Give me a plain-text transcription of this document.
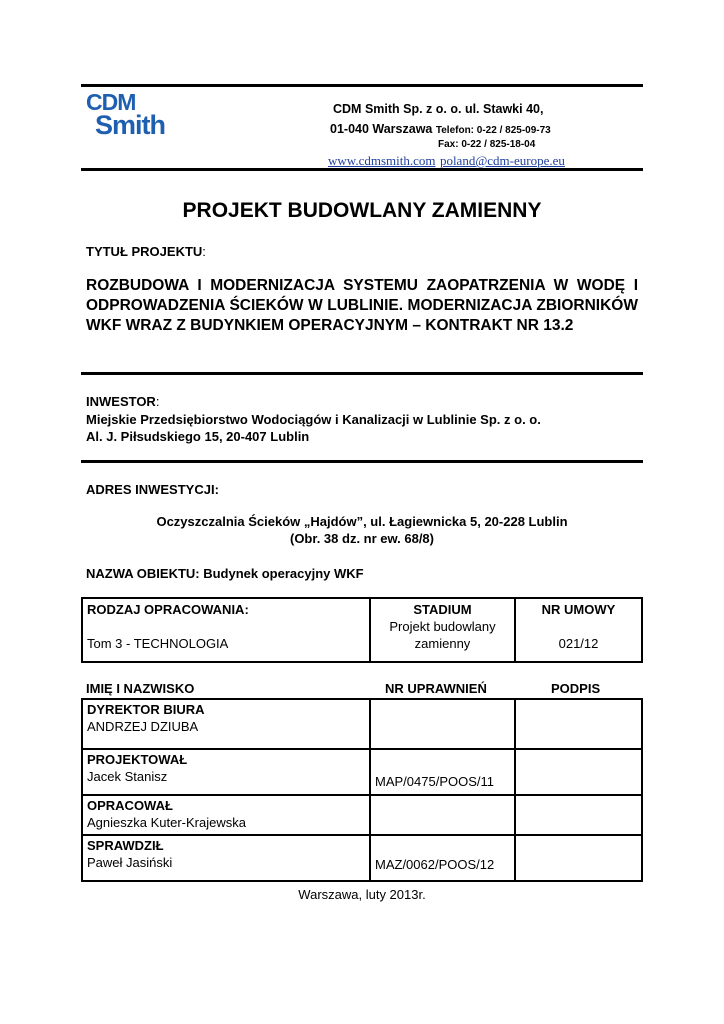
CDM
Smith
CDM Smith Sp. z o. o. ul. Stawki 40,
01-040 Warszawa Telefon: 0-22 / 825-09-73
Fax: 0-22 / 825-18-04
www.cdmsmith.com poland@cdm-europe.eu
PROJEKT BUDOWLANY ZAMIENNY
TYTUŁ PROJEKTU:
ROZBUDOWA I MODERNIZACJA SYSTEMU ZAOPATRZENIA W WODĘ I ODPROWADZENIA ŚCIEKÓW W LUBLINIE. MODERNIZACJA ZBIORNIKÓW WKF WRAZ Z BUDYNKIEM OPERACYJNYM – KONTRAKT NR 13.2
INWESTOR:
Miejskie Przedsiębiorstwo Wodociągów i Kanalizacji w Lublinie Sp. z o. o.
Al. J. Piłsudskiego 15, 20-407 Lublin
ADRES INWESTYCJI:
Oczyszczalnia Ścieków „Hajdów”, ul. Łagiewnicka 5, 20-228 Lublin
(Obr. 38 dz. nr ew. 68/8)
NAZWA OBIEKTU: Budynek operacyjny WKF
RODZAJ OPRACOWANIA:
Tom 3 - TECHNOLOGIA

STADIUM
Projekt budowlany
zamienny

NR UMOWY
021/12
IMIĘ I NAZWISKO	NR UPRAWNIEŃ	PODPIS
DYREKTOR BIURA
ANDRZEJ DZIUBA		

PROJEKTOWAŁ
Jacek Stanisz	MAP/0475/POOS/11	

OPRACOWAŁ
Agnieszka Kuter-Krajewska		

SPRAWDZIŁ
Paweł Jasiński	MAZ/0062/POOS/12	

Warszawa, luty 2013r.
